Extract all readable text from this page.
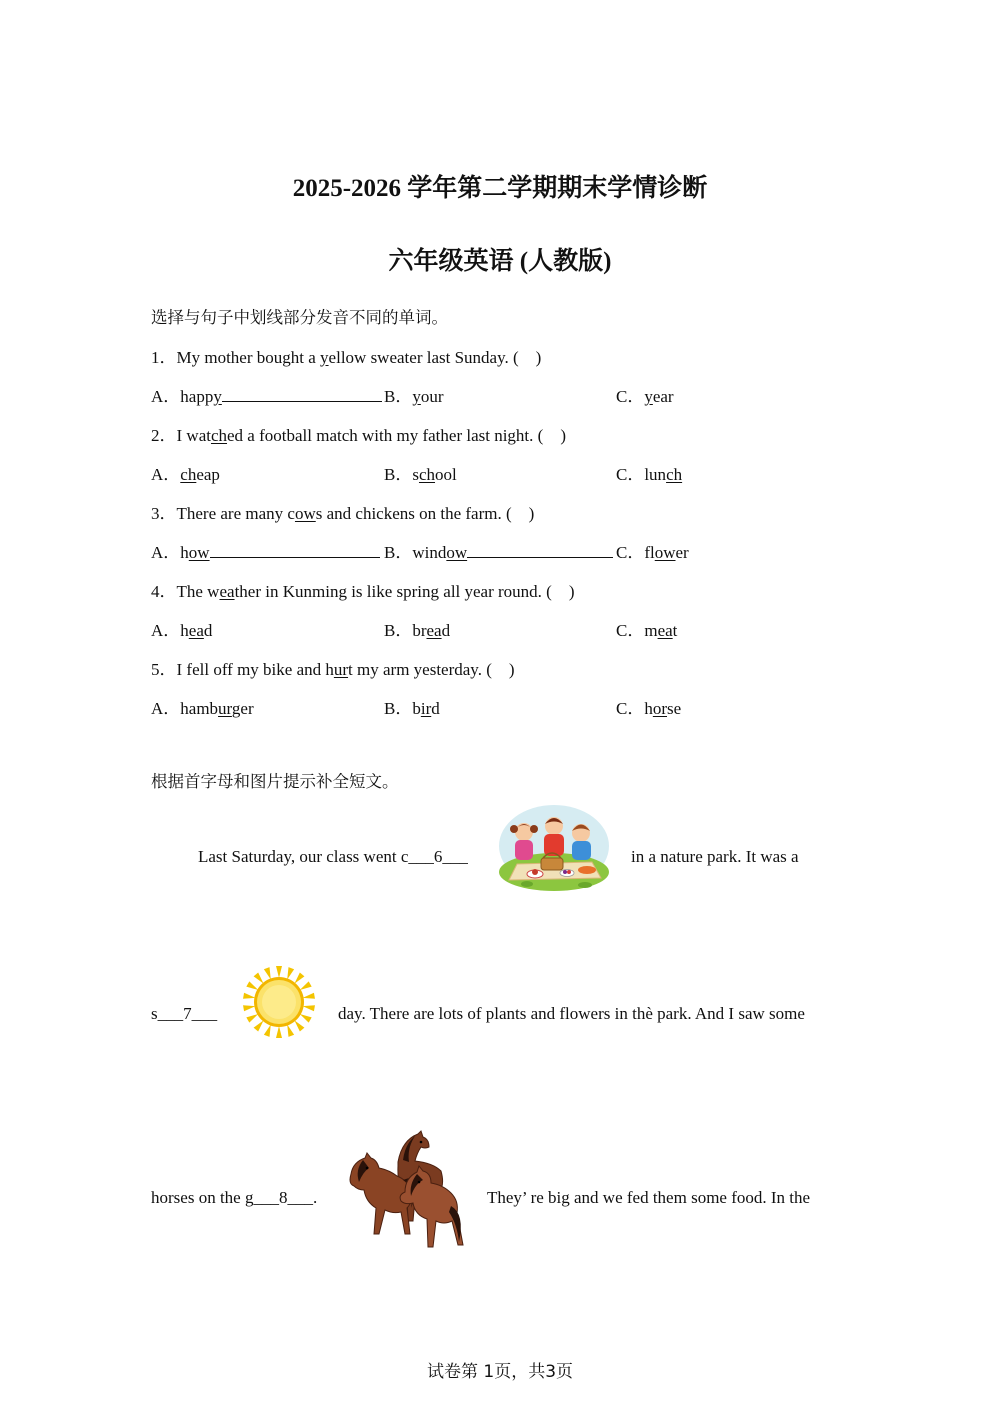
2025-2026 学年第二学期期末学情诊断
六年级英语 (人教版)
选择与句子中划线部分发音不同的单词。
1．My mother bought a yellow sweater last Sunday. (　)
A．happy	B．your	C．year
2．I watched a football match with my father last night. (　)
A．cheap	B．school	C．lunch
3．There are many cows and chickens on the farm. (　)
A．how	B．window	C．flower
4．The weather in Kunming is like spring all year round. (　)
A．head	B．bread	C．meat
5．I fell off my bike and hurt my arm yesterday. (　)
A．hamburger	B．bird	C．horse
根据首字母和图片提示补全短文。
Last Saturday, our class went c___6___	in a nature park. It was a
s___7___	day. There are lots of plants and flowers in thè park. And I saw some
horses on the g___8___.	They’ re big and we fed them some food. In the
试卷第 1页，共3页
